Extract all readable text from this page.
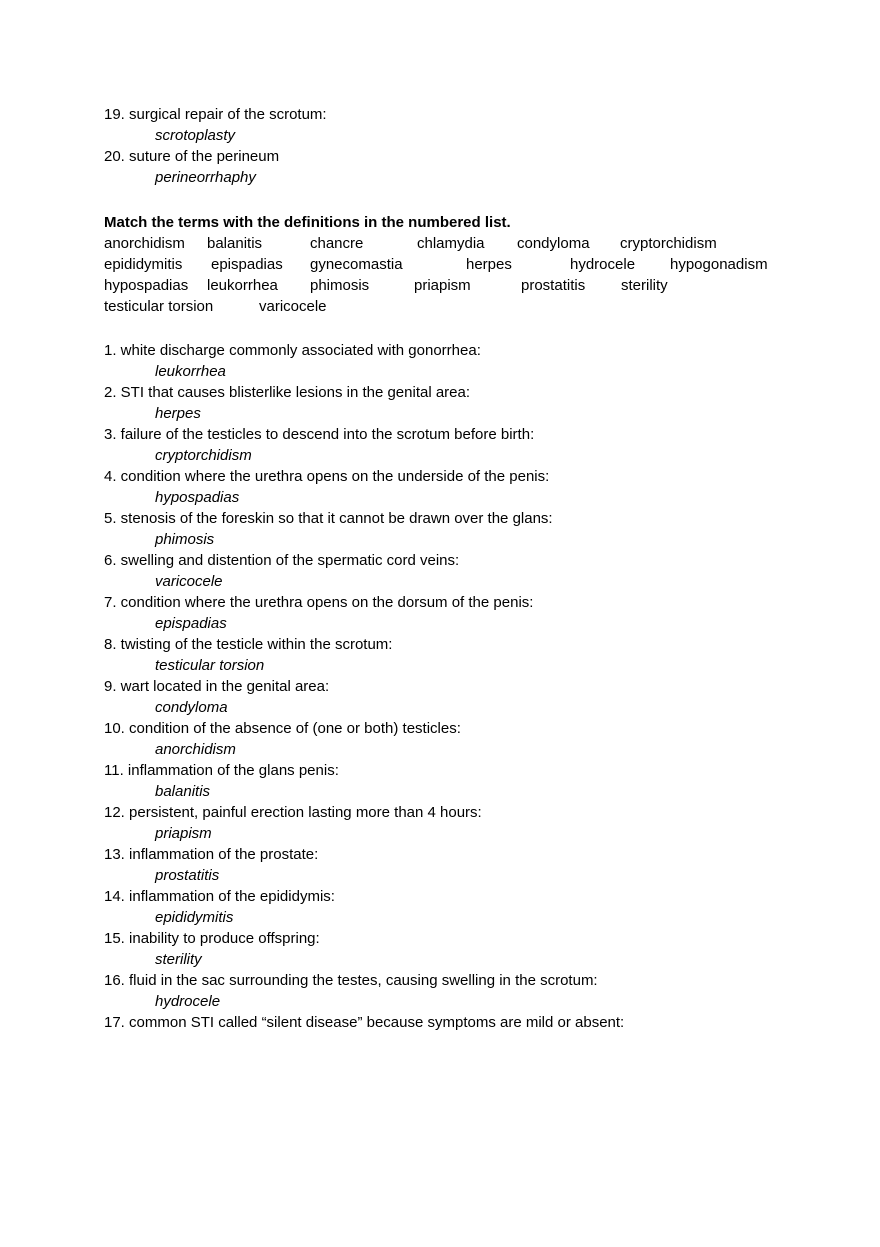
19. surgical repair of the scrotum:
scrotoplasty
20. suture of the perineum
perineorrhaphy
Match the terms with the definitions in the numbered list.
anorchidism balanitis	chancre	chlamydia condyloma cryptorchidism
epididymitis epispadias gynecomastia	herpes	hydrocele hypogonadism
hypospadias leukorrhea phimosis	priapism	prostatitis sterility
testicular torsion	varicocele
1. white discharge commonly associated with gonorrhea:
leukorrhea
2. STI that causes blisterlike lesions in the genital area:
herpes
3. failure of the testicles to descend into the scrotum before birth:
cryptorchidism
4. condition where the urethra opens on the underside of the penis:
hypospadias
5. stenosis of the foreskin so that it cannot be drawn over the glans:
phimosis
6. swelling and distention of the spermatic cord veins:
varicocele
7. condition where the urethra opens on the dorsum of the penis:
epispadias
8. twisting of the testicle within the scrotum:
testicular torsion
9. wart located in the genital area:
condyloma
10. condition of the absence of (one or both) testicles:
anorchidism
11. inflammation of the glans penis:
balanitis
12. persistent, painful erection lasting more than 4 hours:
priapism
13. inflammation of the prostate:
prostatitis
14. inflammation of the epididymis:
epididymitis
15. inability to produce offspring:
sterility
16. fluid in the sac surrounding the testes, causing swelling in the scrotum:
hydrocele
17. common STI called “silent disease” because symptoms are mild or absent:
